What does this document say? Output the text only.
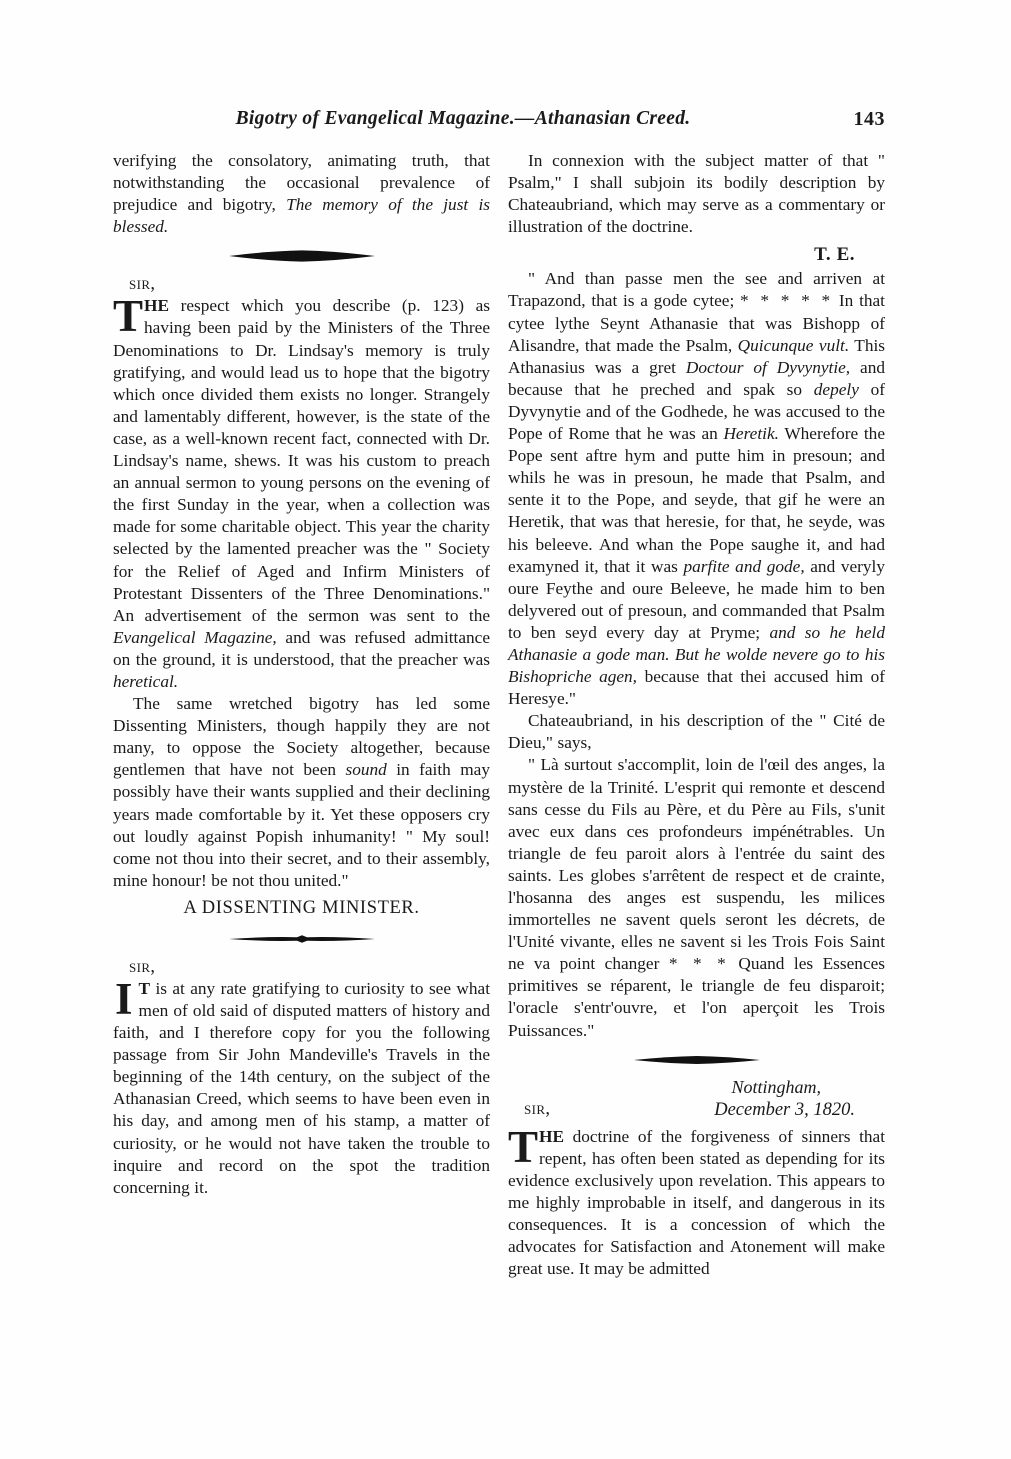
Bigotry of Evangelical Magazine.—Athanasian Creed.	143

verifying the consolatory, animating truth, that notwithstanding the occasional prevalence of prejudice and bigotry, The memory of the just is blessed.

sir,

THE respect which you describe (p. 123) as having been paid by the Ministers of the Three Denominations to Dr. Lindsay's memory is truly gratifying, and would lead us to hope that the bigotry which once divided them exists no longer. Strangely and lamentably different, however, is the state of the case, as a well-known recent fact, connected with Dr. Lindsay's name, shews. It was his custom to preach an annual sermon to young persons on the evening of the first Sunday in the year, when a collection was made for some charitable object. This year the charity selected by the lamented preacher was the " Society for the Relief of Aged and Infirm Ministers of Protestant Dissenters of the Three Denominations." An advertisement of the sermon was sent to the Evangelical Magazine, and was refused admittance on the ground, it is understood, that the preacher was heretical.

The same wretched bigotry has led some Dissenting Ministers, though happily they are not many, to oppose the Society altogether, because gentlemen that have not been sound in faith may possibly have their wants supplied and their declining years made comfortable by it. Yet these opposers cry out loudly against Popish inhumanity! " My soul! come not thou into their secret, and to their assembly, mine honour! be not thou united."

A DISSENTING MINISTER.

sir,

I T is at any rate gratifying to curiosity to see what men of old said of disputed matters of history and faith, and I therefore copy for you the following passage from Sir John Mandeville's Travels in the beginning of the 14th century, on the subject of the Athanasian Creed, which seems to have been even in his day, and among men of his stamp, a matter of curiosity, or he would not have taken the trouble to inquire and record on the spot the tradition concerning it.

In connexion with the subject matter of that " Psalm," I shall subjoin its bodily description by Chateaubriand, which may serve as a commentary or illustration of the doctrine.

T. E.

" And than passe men the see and arriven at Trapazond, that is a gode cytee; * * * * * In that cytee lythe Seynt Athanasie that was Bishopp of Alisandre, that made the Psalm, Quicunque vult. This Athanasius was a gret Doctour of Dyvynytie, and because that he preched and spak so depely of Dyvynytie and of the Godhede, he was accused to the Pope of Rome that he was an Heretik. Wherefore the Pope sent aftre hym and putte him in presoun; and whils he was in presoun, he made that Psalm, and sente it to the Pope, and seyde, that gif he were an Heretik, that was that heresie, for that, he seyde, was his beleeve. And whan the Pope saughe it, and had examyned it, that it was parfite and gode, and veryly oure Feythe and oure Beleeve, he made him to ben delyvered out of presoun, and commanded that Psalm to ben seyd every day at Pryme; and so he held Athanasie a gode man. But he wolde nevere go to his Bishopriche agen, because that thei accused him of Heresye."

Chateaubriand, in his description of the " Cité de Dieu," says,

" Là surtout s'accomplit, loin de l'œil des anges, la mystère de la Trinité. L'esprit qui remonte et descend sans cesse du Fils au Père, et du Père au Fils, s'unit avec eux dans ces profondeurs impénétrables. Un triangle de feu paroit alors à l'entrée du saint des saints. Les globes s'arrêtent de respect et de crainte, l'hosanna des anges est suspendu, les milices immortelles ne savent quels seront les décrets, de l'Unité vivante, elles ne savent si les Trois Fois Saint ne va point changer * * * Quand les Essences primitives se réparent, le triangle de feu disparoit; l'oracle s'entr'ouvre, et l'on aperçoit les Trois Puissances."

Nottingham,
December 3, 1820.
sir,

THE doctrine of the forgiveness of sinners that repent, has often been stated as depending for its evidence exclusively upon revelation. This appears to me highly improbable in itself, and dangerous in its consequences. It is a concession of which the advocates for Satisfaction and Atonement will make great use. It may be admitted
